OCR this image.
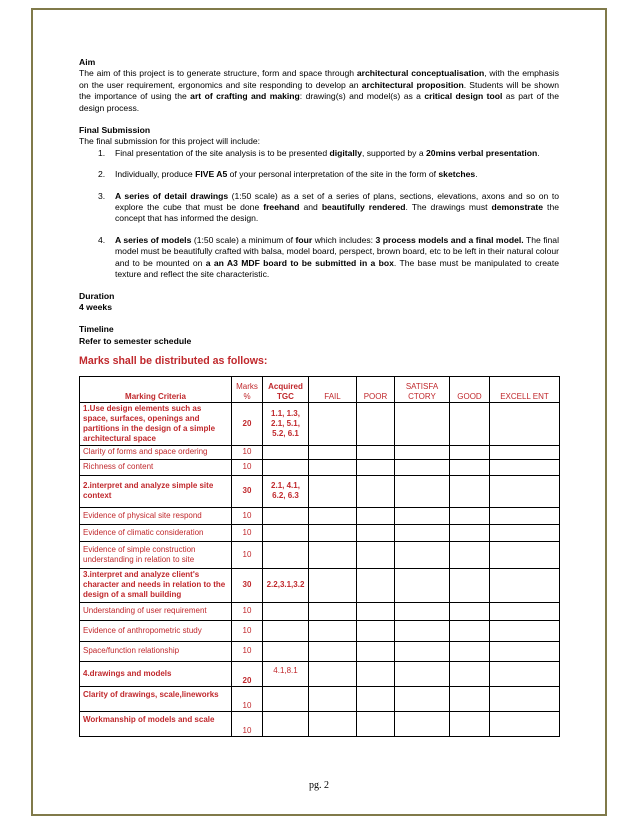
Aim
The aim of this project is to generate structure, form and space through architectural conceptualisation, with the emphasis on the user requirement, ergonomics and site responding to develop an architectural proposition. Students will be shown the importance of using the art of crafting and making: drawing(s) and model(s) as a critical design tool as part of the design process.
Final Submission
The final submission for this project will include:
1. Final presentation of the site analysis is to be presented digitally, supported by a 20mins verbal presentation.
2. Individually, produce FIVE A5 of your personal interpretation of the site in the form of sketches.
3. A series of detail drawings (1:50 scale) as a set of a series of plans, sections, elevations, axons and so on to explore the cube that must be done freehand and beautifully rendered. The drawings must demonstrate the concept that has informed the design.
4. A series of models (1:50 scale) a minimum of four which includes: 3 process models and a final model. The final model must be beautifully crafted with balsa, model board, perspect, brown board, etc to be left in their natural colour and to be mounted on a an A3 MDF board to be submitted in a box. The base must be manipulated to create texture and reflect the site characteristic.
Duration
4 weeks
Timeline
Refer to semester schedule
Marks shall be distributed as follows:
Marking Criteria	Marks %	Acquired TGC	FAIL	POOR	SATISFA CTORY	GOOD	EXCELL ENT
1.Use design elements such as space, surfaces, openings and partitions in the design of a simple architectural space	20	1.1, 1.3, 2.1, 5.1, 5.2, 6.1					
Clarity of forms and space ordering	10						
Richness of content	10						
2.interpret and analyze simple site context	30	2.1, 4.1, 6.2, 6.3					
Evidence of physical site respond	10						
Evidence of climatic consideration	10						
Evidence of simple construction understanding in relation to site	10						
3.interpret and analyze client's character and needs in relation to the design of a small building	30	2.2,3.1,3.2					
Understanding of user requirement	10						
Evidence of anthropometric study	10						
Space/function relationship	10						
4.drawings and models	20	4.1,8.1					
Clarity of drawings, scale,lineworks	10						
Workmanship of models and scale	10						
pg. 2
